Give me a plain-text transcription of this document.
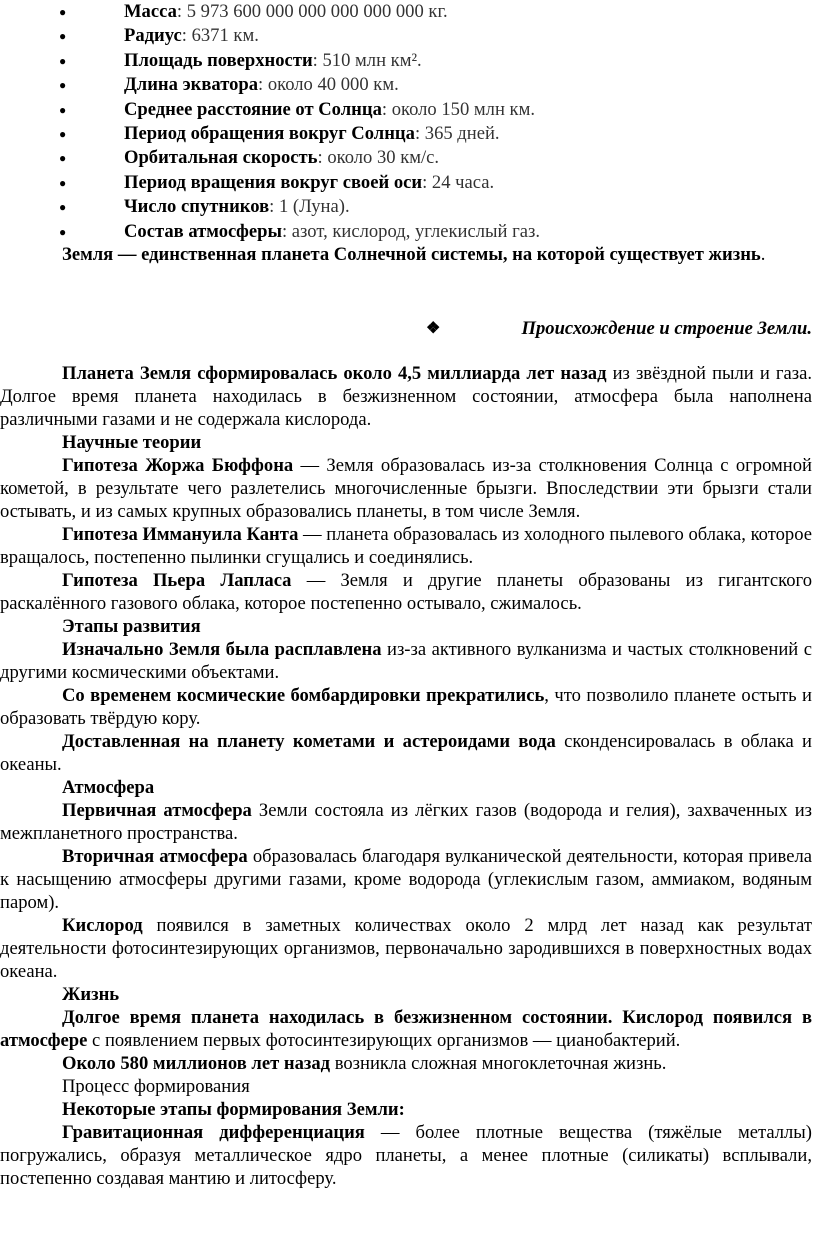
●	Масса: 5 973 600 000 000 000 000 000 кг.
●	Радиус: 6371 км.
●	Площадь поверхности: 510 млн км².
●	Длина экватора: около 40 000 км.
●	Среднее расстояние от Солнца: около 150 млн км.
●	Период обращения вокруг Солнца: 365 дней.
●	Орбитальная скорость: около 30 км/с.
●	Период вращения вокруг своей оси: 24 часа.
●	Число спутников: 1 (Луна).
●	Состав атмосферы: азот, кислород, углекислый газ.

Земля — единственная планета Солнечной системы, на которой существует жизнь.

❖	Происхождение и строение Земли.

Планета Земля сформировалась около 4,5 миллиарда лет назад из звёздной пыли и газа. Долгое время планета находилась в безжизненном состоянии, атмосфера была наполнена различными газами и не содержала кислорода.

Научные теории

Гипотеза Жоржа Бюффона — Земля образовалась из-за столкновения Солнца с огромной кометой, в результате чего разлетелись многочисленные брызги. Впоследствии эти брызги стали остывать, и из самых крупных образовались планеты, в том числе Земля.

Гипотеза Иммануила Канта — планета образовалась из холодного пылевого облака, которое вращалось, постепенно пылинки сгущались и соединялись.

Гипотеза Пьера Лапласа — Земля и другие планеты образованы из гигантского раскалённого газового облака, которое постепенно остывало, сжималось.

Этапы развития

Изначально Земля была расплавлена из-за активного вулканизма и частых столкновений с другими космическими объектами.

Со временем космические бомбардировки прекратились, что позволило планете остыть и образовать твёрдую кору.

Доставленная на планету кометами и астероидами вода сконденсировалась в облака и океаны.

Атмосфера

Первичная атмосфера Земли состояла из лёгких газов (водорода и гелия), захваченных из межпланетного пространства.

Вторичная атмосфера образовалась благодаря вулканической деятельности, которая привела к насыщению атмосферы другими газами, кроме водорода (углекислым газом, аммиаком, водяным паром).

Кислород появился в заметных количествах около 2 млрд лет назад как результат деятельности фотосинтезирующих организмов, первоначально зародившихся в поверхностных водах океана.

Жизнь

Долгое время планета находилась в безжизненном состоянии. Кислород появился в атмосфере с появлением первых фотосинтезирующих организмов — цианобактерий.

Около 580 миллионов лет назад возникла сложная многоклеточная жизнь.

Процесс формирования

Некоторые этапы формирования Земли:

Гравитационная дифференциация — более плотные вещества (тяжёлые металлы) погружались, образуя металлическое ядро планеты, а менее плотные (силикаты) всплывали, постепенно создавая мантию и литосферу.
